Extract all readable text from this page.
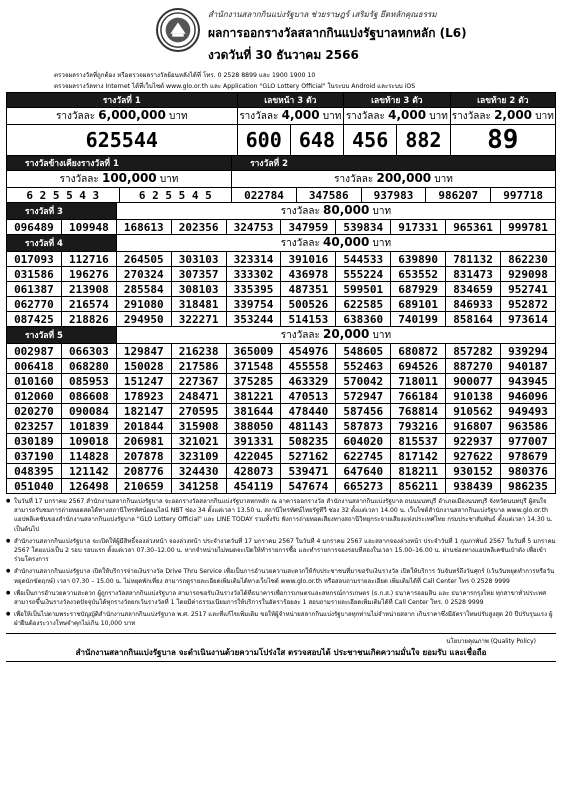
สำนักงานสลากกินแบ่งรัฐบาล ช่วยราษฎร์ เสริมรัฐ ยึดหลักคุณธรรม
ผลการออกรางวัลสลากกินแบ่งรัฐบาลหกหลัก (L6)
งวดวันที่ 30 ธันวาคม 2566
ตรวจผลรางวัลที่ถูกต้อง หรือตรวจผลรางวัลย้อนหลังได้ที่ โทร. 0 2528 8899 และ 1900 1900 10
ตรวจผลรางวัลทาง Internet ได้ที่เว็บไซต์ www.glo.or.th และ Application "GLO Lottery Official" ในระบบ Android และระบบ iOS
รางวัลที่ 1	เลขหน้า 3 ตัว		เลขท้าย 3 ตัว		เลขท้าย 2 ตัว
รางวัลละ 6,000,000 บาท	รางวัลละ 4,000 บาท		รางวัลละ 4,000 บาท		รางวัลละ 2,000 บาท
625544	600	648	456	882	89
รางวัลข้างเคียงรางวัลที่ 1		รางวัลที่ 2				
รางวัลละ 100,000 บาท		รางวัลละ 200,000 บาท				
6 2 5 5 4 3	6 2 5 5 4 5	022784	347586	937983	986207	997718
รางวัลที่ 3		รางวัลละ 80,000 บาท							
096489	109948	168613	202356	324753	347959	539834	917331	965361	999781
รางวัลที่ 4		รางวัลละ 40,000 บาท							
017093	112716	264505	303103	323314	391016	544533	639890	781132	862230
031586	196276	270324	307357	333302	436978	555224	653552	831473	929098
061387	213908	285584	308103	335395	487351	599501	687929	834659	952741
062770	216574	291080	318481	339754	500526	622585	689101	846933	952872
087425	218826	294950	322271	353244	514153	638360	740199	858164	973614
รางวัลที่ 5		รางวัลละ 20,000 บาท							
002987	066303	129847	216238	365009	454976	548605	680872	857282	939294
006418	068280	150028	217586	371548	455558	552463	694526	887270	940187
010160	085953	151247	227367	375285	463329	570042	718011	900077	943945
012060	086608	178923	248471	381221	470513	572947	766184	910138	946096
020270	090084	182147	270595	381644	478440	587456	768814	910562	949493
023257	101839	201844	315908	388050	481143	587873	793216	916807	963586
030189	109018	206981	321021	391331	508235	604020	815537	922937	977007
037190	114828	207878	323109	422045	527162	622745	817142	927622	978679
048395	121142	208776	324430	428073	539471	647640	818211	930152	980376
051040	126498	210659	341258	454119	547674	665273	856211	938439	986235
● ในวันที่ 17 มกราคม 2567 สำนักงานสลากกินแบ่งรัฐบาล จะออกรางวัลสลากกินแบ่งรัฐบาลหกหลัก ณ อาคารออกรางวัล สำนักงานสลากกินแบ่งรัฐบาล ถนนนนทบุรี อำเภอเมืองนนทบุรี จังหวัดนนทบุรี ผู้สนใจสามารถรับชมการถ่ายทอดสดได้ทางสถานีโทรทัศน์ออนไลน์ NBT ช่อง 34 ตั้งแต่เวลา 13.50 น. สถานีโทรทัศน์ไทยรัฐทีวี ช่อง 32 ตั้งแต่เวลา 14.00 น. เว็บไซต์สำนักงานสลากกินแบ่งรัฐบาล www.glo.or.th แอปพลิเคชันของสำนักงานสลากกินแบ่งรัฐบาล "GLO Lottery Official" และ LINE TODAY รวมทั้งรับ ฟังการถ่ายทอดเสียงทางสถานีวิทยุกระจายเสียงแห่งประเทศไทย กรมประชาสัมพันธ์ ตั้งแต่เวลา 14.30 น. เป็นต้นไป
● สำนักงานสลากกินแบ่งรัฐบาล จะเปิดให้ผู้มีสิทธิ์จองล่วงหน้า จองล่วงหน้า ประจำงวดวันที่ 17 มกราคม 2567 ในวันที่ 4 มกราคม 2567 และสลากจองล่วงหน้า ประจำวันที่ 1 กุมภาพันธ์ 2567 ในวันที่ 5 มกราคม 2567 โดยแบ่งเป็น 2 รอบ รอบแรก ตั้งแต่เวลา 07.30–12.00 น. หากจำหน่ายไม่หมดจะเปิดให้ทำรายการซื้อ และทำรายการจองรอบที่สองในเวลา 15.00–16.00 น. ผ่านช่องทางแอปพลิเคชันเป๋าตัง เพื่อเข้าร่วมโครงการ
● สำนักงานสลากกินแบ่งรัฐบาล เปิดให้บริการจ่ายเงินรางวัล Drive Thru Service เพื่อเป็นการอำนวยความสะดวกให้กับประชาชนที่มาขอรับเงินรางวัล เปิดให้บริการ วันจันทร์ถึงวันศุกร์ (เว้นวันหยุดทำการหรือวันหยุดนักขัตฤกษ์) เวลา 07.30 – 15.00 น. ไม่หยุดพักเที่ยง สามารถดูรายละเอียดเพิ่มเติมได้ทางเว็บไซต์ www.glo.or.th หรือสอบถามรายละเอียด เพิ่มเติมได้ที่ Call Center โทร 0 2528 9999
● เพื่อเป็นการอำนวยความสะดวก ผู้ถูกรางวัลสลากกินแบ่งรัฐบาล สามารถขอรับเงินรางวัลได้ที่ธนาคารเพื่อการเกษตรและสหกรณ์การเกษตร (ธ.ก.ส.) ธนาคารออมสิน และ ธนาคารกรุงไทย ทุกสาขาทั่วประเทศ สามารถขึ้นเงินรางวัลงวดปัจจุบันได้ทุกรางวัลยกเว้นรางวัลที่ 1 โดยมีค่าธรรมเนียมการให้บริการในอัตราร้อยละ 1 สอบถามรายละเอียดเพิ่มเติมได้ที่ Call Center โทร. 0 2528 9999
● เพื่อให้เป็นไปตามพระราชบัญญัติสำนักงานสลากกินแบ่งรัฐบาล พ.ศ. 2517 และที่แก้ไขเพิ่มเติม ขอให้ผู้จำหน่ายสลากกินแบ่งรัฐบาลทุกท่านไม่จำหน่ายสลาก เกินราคาซึ่งมีอัตราโทษปรับสูงสุด 20 ปีปรับรุนแรง ผู้ฝ่าฝืนต้องระวางโทษจำคุกไม่เกิน 10,000 บาท
นโยบายคุณภาพ (Quality Policy)
สำนักงานสลากกินแบ่งรัฐบาล จะดำเนินงานด้วยความโปร่งใส ตรวจสอบได้ ประชาชนเกิดความมั่นใจ ยอมรับ และเชื่อถือ
